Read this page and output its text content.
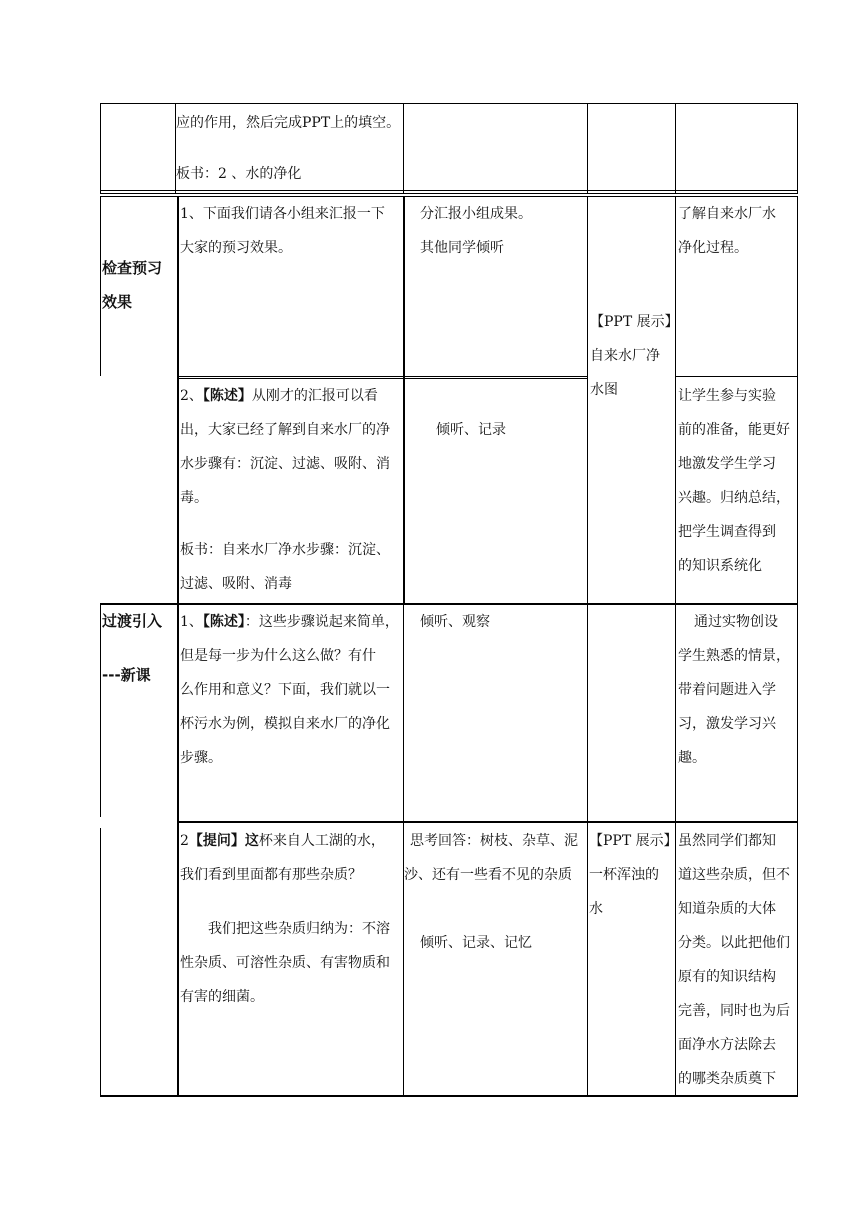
应的作用，然后完成PPT上的填空。
板书：2 、水的净化
检查预习
效果
1、下面我们请各小组来汇报一下
大家的预习效果。
分汇报小组成果。
其他同学倾听
【PPT 展示】
自来水厂净
水图
了解自来水厂水
净化过程。
2、【陈述】从刚才的汇报可以看
出，大家已经了解到自来水厂的净
水步骤有：沉淀、过滤、吸附、消
毒。
板书：自来水厂净水步骤：沉淀、
过滤、吸附、消毒
倾听、记录
让学生参与实验
前的准备，能更好
地激发学生学习
兴趣。归纳总结，
把学生调查得到
的知识系统化
过渡引入
---新课
1、【陈述】：这些步骤说起来简单，
但是每一步为什么这么做？有什
么作用和意义？下面，我们就以一
杯污水为例，模拟自来水厂的净化
步骤。
倾听、观察	通过实物创设
学生熟悉的情景，
带着问题进入学
习，激发学习兴
趣。
2【提问】这杯来自人工湖的水，
我们看到里面都有那些杂质？
我们把这些杂质归纳为：不溶
性杂质、可溶性杂质、有害物质和
有害的细菌。
思考回答：树枝、杂草、泥
沙、还有一些看不见的杂质
倾听、记录、记忆
【PPT 展示】
一杯浑浊的
水
虽然同学们都知
道这些杂质，但不
知道杂质的大体
分类。以此把他们
原有的知识结构
完善，同时也为后
面净水方法除去
的哪类杂质奠下
